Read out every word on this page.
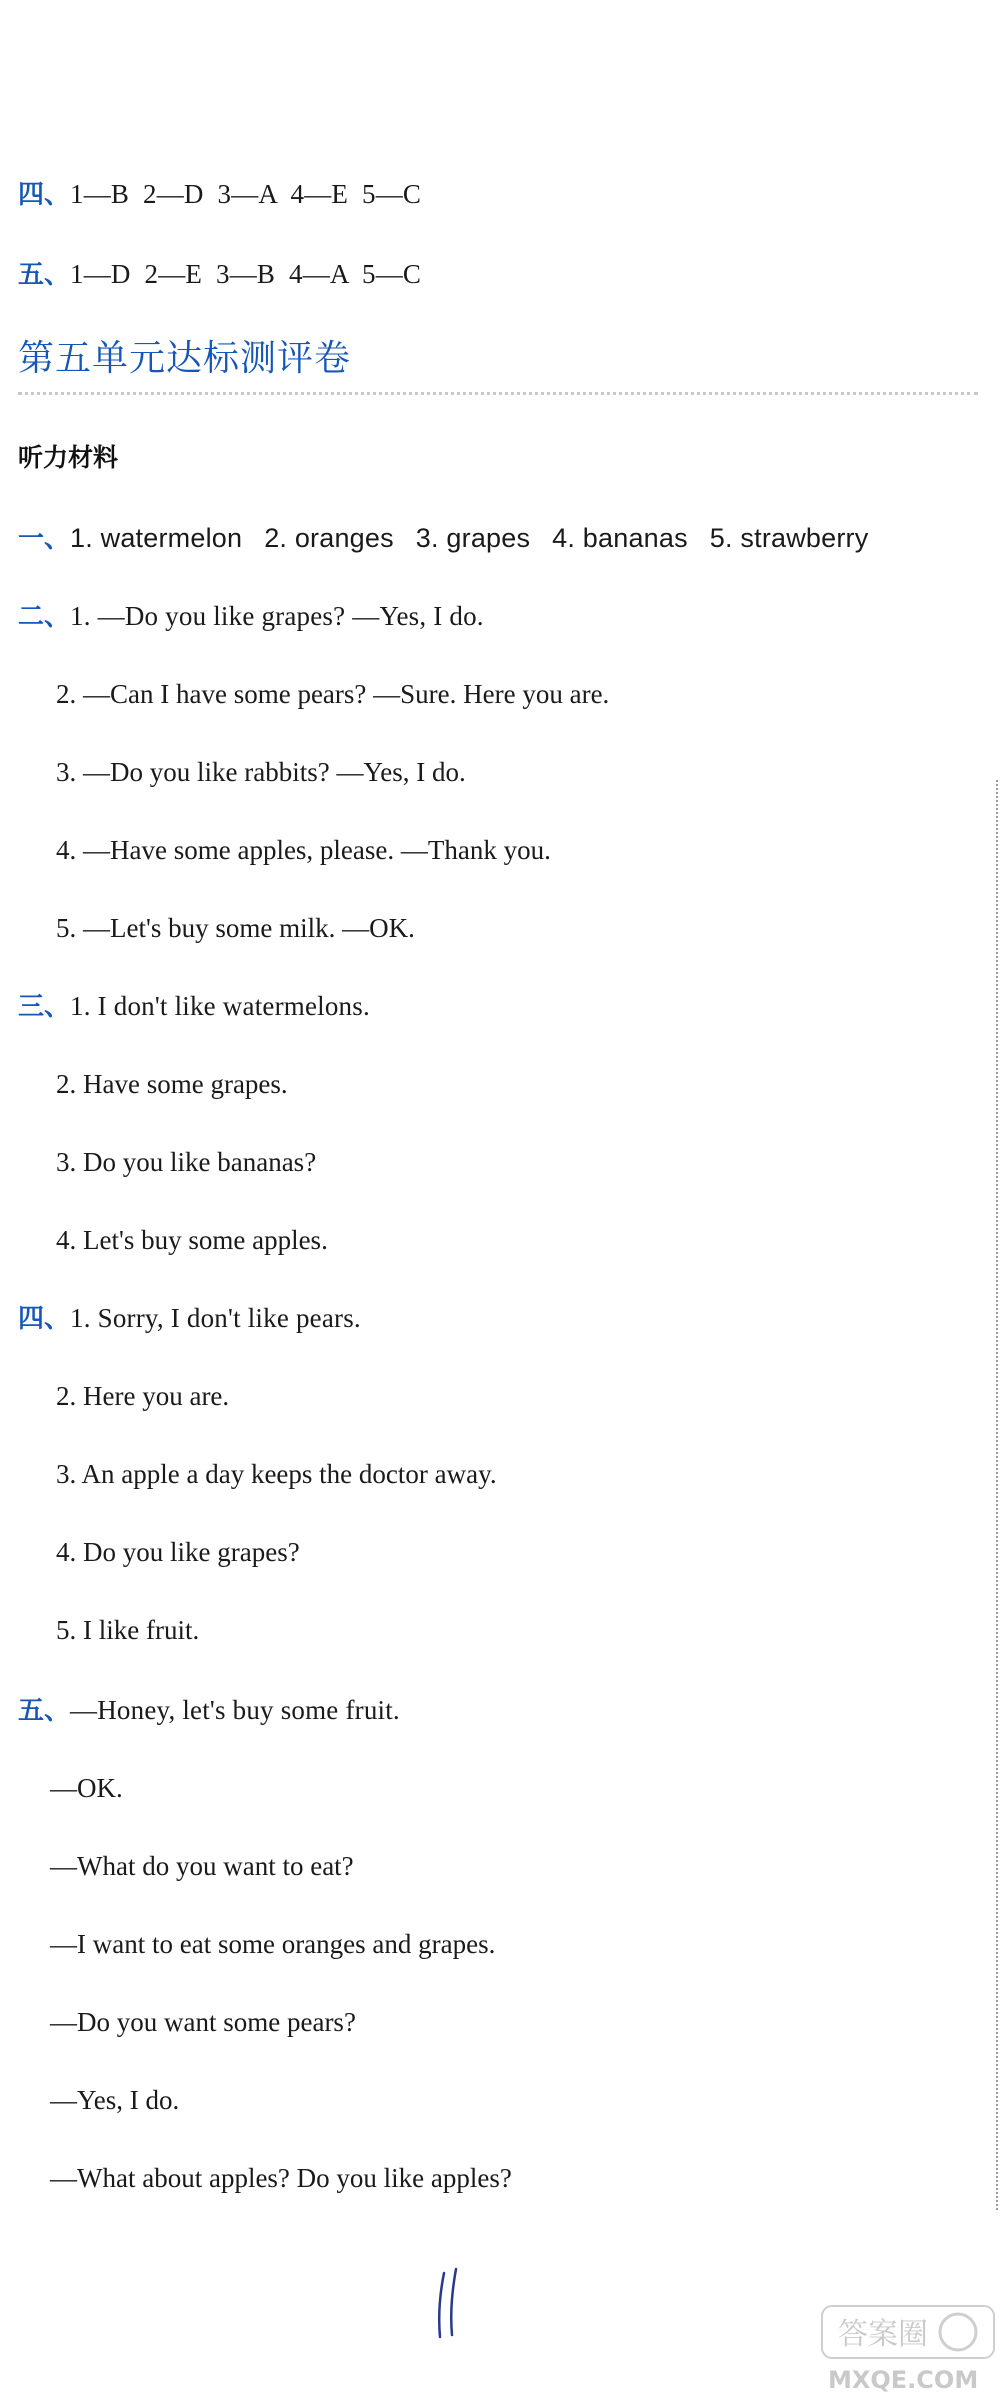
四、1—B  2—D  3—A  4—E  5—C
五、1—D  2—E  3—B  4—A  5—C
第五单元达标测评卷
听力材料
一、1. watermelon 2. oranges 3. grapes 4. bananas 5. strawberry
二、1. —Do you like grapes? —Yes, I do.
2. —Can I have some pears? —Sure. Here you are.
3. —Do you like rabbits? —Yes, I do.
4. —Have some apples, please. —Thank you.
5. —Let's buy some milk. —OK.
三、1. I don't like watermelons.
2. Have some grapes.
3. Do you like bananas?
4. Let's buy some apples.
四、1. Sorry, I don't like pears.
2. Here you are.
3. An apple a day keeps the doctor away.
4. Do you like grapes?
5. I like fruit.
五、—Honey, let's buy some fruit.
—OK.
—What do you want to eat?
—I want to eat some oranges and grapes.
—Do you want some pears?
—Yes, I do.
—What about apples? Do you like apples?
答案圈
MXQE.COM
